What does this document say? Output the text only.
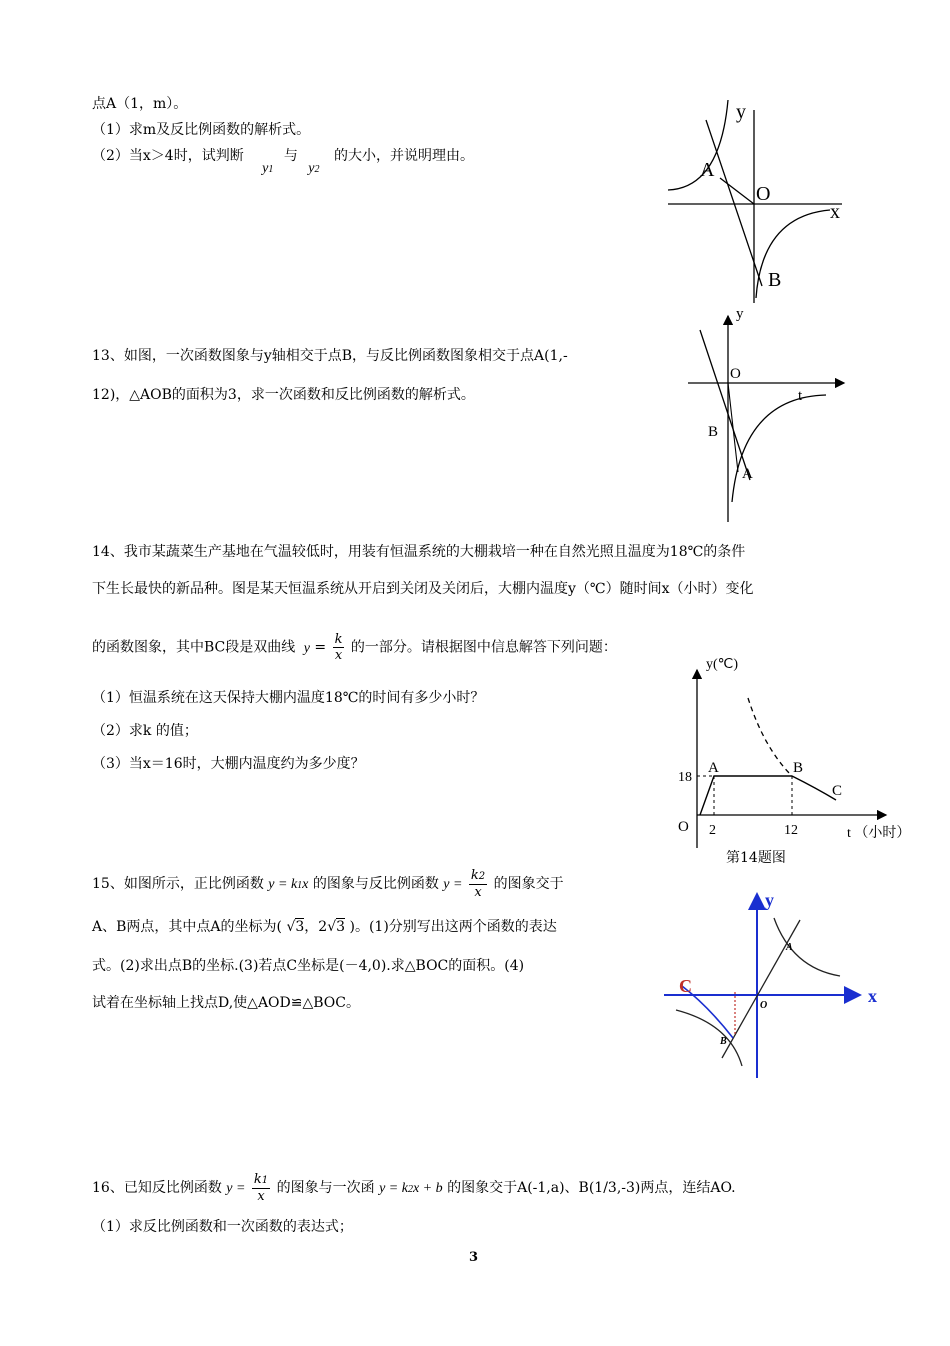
点A（1，m）。
（1）求m及反比例函数的解析式。
（2）当x＞4时，试判断 y1 与 y2 的大小，并说明理由。
y
A
O
x
B
13、如图，一次函数图象与y轴相交于点B，与反比例函数图象相交于点A(1,-
12)，△AOB的面积为3，求一次函数和反比例函数的解析式。
y
O
t
B
A
14、我市某蔬菜生产基地在气温较低时，用装有恒温系统的大棚栽培一种在自然光照且温度为18℃的条件
下生长最快的新品种。图是某天恒温系统从开启到关闭及关闭后，大棚内温度y（℃）随时间x（小时）变化
的函数图象，其中BC段是双曲线 $y = \frac{k}{x}$ 的一部分。请根据图中信息解答下列问题：
（1）恒温系统在这天保持大棚内温度18℃的时间有多少小时？
（2）求k 的值；
（3）当x＝16时，大棚内温度约为多少度？
y(℃)
18
A	B
C
O 2	12	t （小时）
第14题图
15、如图所示，正比例函数 y = k1x 的图象与反比例函数 $y = \frac{k2}{x}$ 的图象交于
A、B两点，其中点A的坐标为( √3，2√3 )。(1)分别写出这两个函数的表达
式。(2)求出点B的坐标.(3)若点C坐标是(－4,0).求△BOC的面积。(4)
试着在坐标轴上找点D,使△AOD≌△BOC。
y
x
O
A
B
C
16、已知反比例函数 $y = \frac{k1}{x}$ 的图象与一次函 y = k2x + b 的图象交于A(-1,a)、B(1/3,-3)两点，连结AO.
（1）求反比例函数和一次函数的表达式；
3
